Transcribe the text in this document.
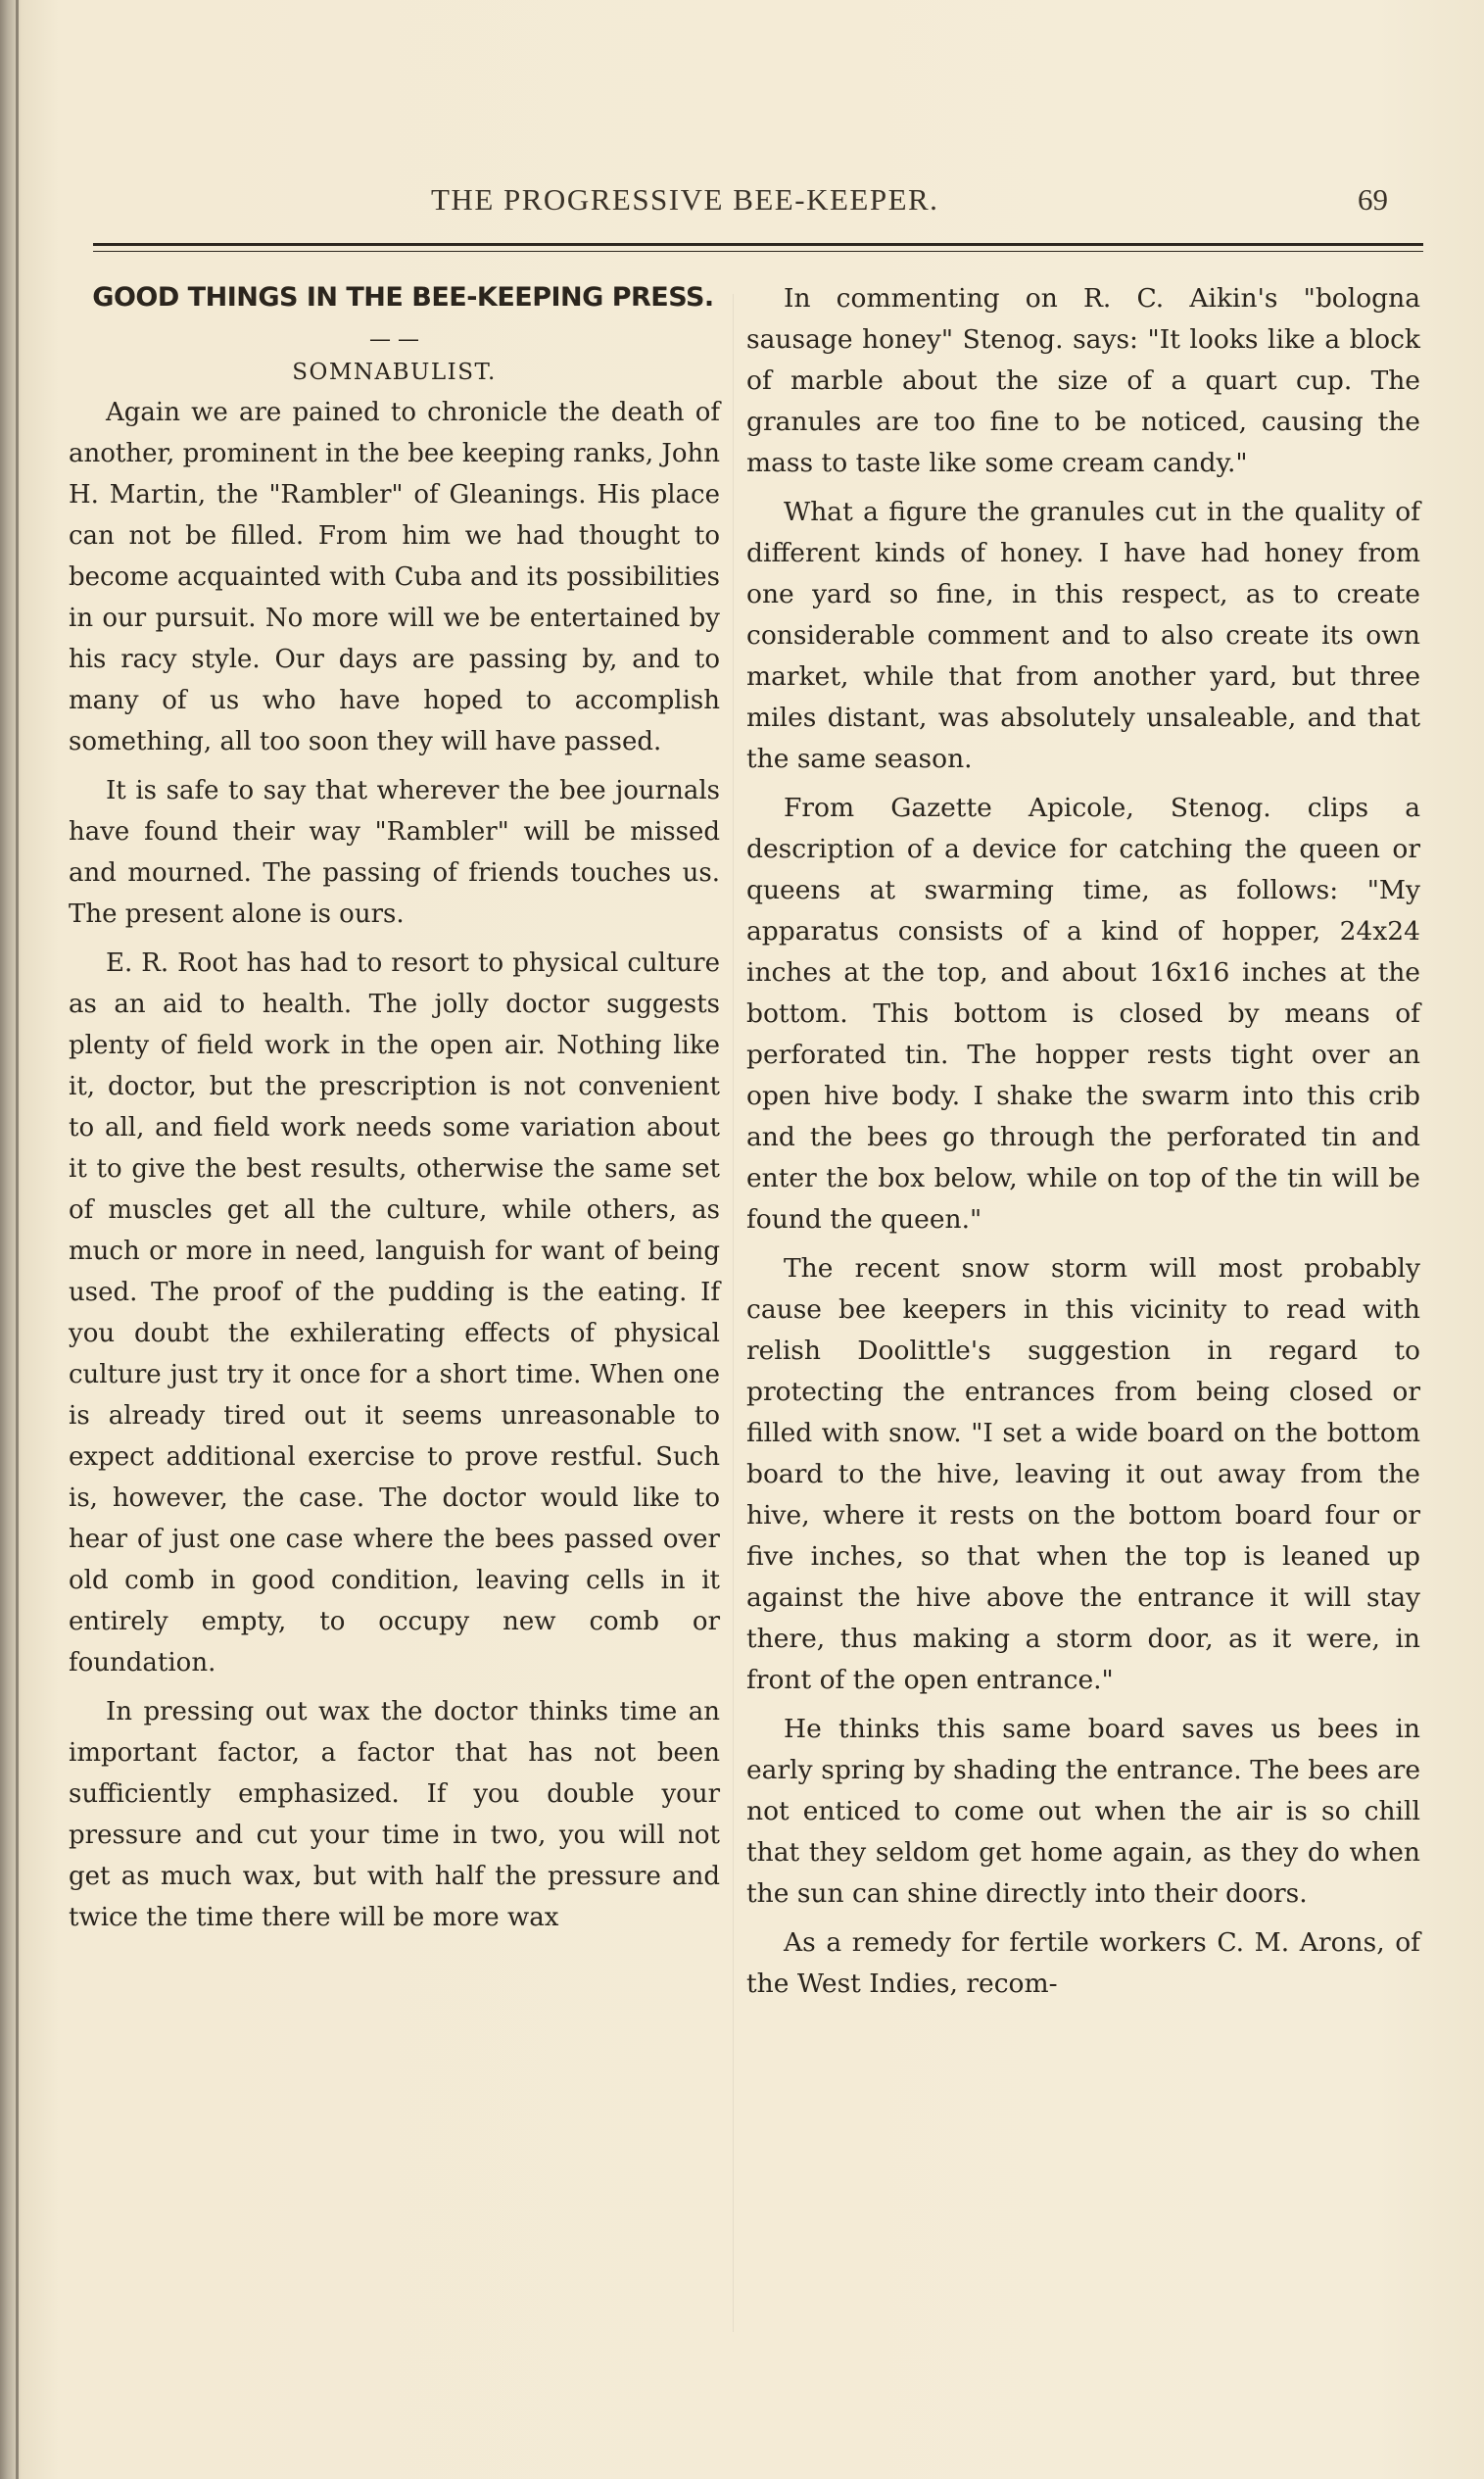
THE PROGRESSIVE BEE-KEEPER.	69
GOOD THINGS IN THE BEE-KEEPING PRESS.
— —
SOMNABULIST.

Again we are pained to chronicle the death of another, prominent in the bee keeping ranks, John H. Martin, the "Rambler" of Gleanings. His place can not be filled. From him we had thought to become acquainted with Cuba and its possibilities in our pursuit. No more will we be entertained by his racy style. Our days are passing by, and to many of us who have hoped to accomplish something, all too soon they will have passed.

It is safe to say that wherever the bee journals have found their way "Rambler" will be missed and mourned. The passing of friends touches us. The present alone is ours.

E. R. Root has had to resort to physical culture as an aid to health. The jolly doctor suggests plenty of field work in the open air. Nothing like it, doctor, but the prescription is not convenient to all, and field work needs some variation about it to give the best results, otherwise the same set of muscles get all the culture, while others, as much or more in need, languish for want of being used. The proof of the pudding is the eating. If you doubt the exhilerating effects of physical culture just try it once for a short time. When one is already tired out it seems unreasonable to expect additional exercise to prove restful. Such is, however, the case. The doctor would like to hear of just one case where the bees passed over old comb in good condition, leaving cells in it entirely empty, to occupy new comb or foundation.

In pressing out wax the doctor thinks time an important factor, a factor that has not been sufficiently emphasized. If you double your pressure and cut your time in two, you will not get as much wax, but with half the pressure and twice the time there will be more wax

In commenting on R. C. Aikin's "bologna sausage honey" Stenog. says: "It looks like a block of marble about the size of a quart cup. The granules are too fine to be noticed, causing the mass to taste like some cream candy."

What a figure the granules cut in the quality of different kinds of honey. I have had honey from one yard so fine, in this respect, as to create considerable comment and to also create its own market, while that from another yard, but three miles distant, was absolutely unsaleable, and that the same season.

From Gazette Apicole, Stenog. clips a description of a device for catching the queen or queens at swarming time, as follows: "My apparatus consists of a kind of hopper, 24x24 inches at the top, and about 16x16 inches at the bottom. This bottom is closed by means of perforated tin. The hopper rests tight over an open hive body. I shake the swarm into this crib and the bees go through the perforated tin and enter the box below, while on top of the tin will be found the queen."

The recent snow storm will most probably cause bee keepers in this vicinity to read with relish Doolittle's suggestion in regard to protecting the entrances from being closed or filled with snow. "I set a wide board on the bottom board to the hive, leaving it out away from the hive, where it rests on the bottom board four or five inches, so that when the top is leaned up against the hive above the entrance it will stay there, thus making a storm door, as it were, in front of the open entrance."

He thinks this same board saves us bees in early spring by shading the entrance. The bees are not enticed to come out when the air is so chill that they seldom get home again, as they do when the sun can shine directly into their doors.

As a remedy for fertile workers C. M. Arons, of the West Indies, recom-
